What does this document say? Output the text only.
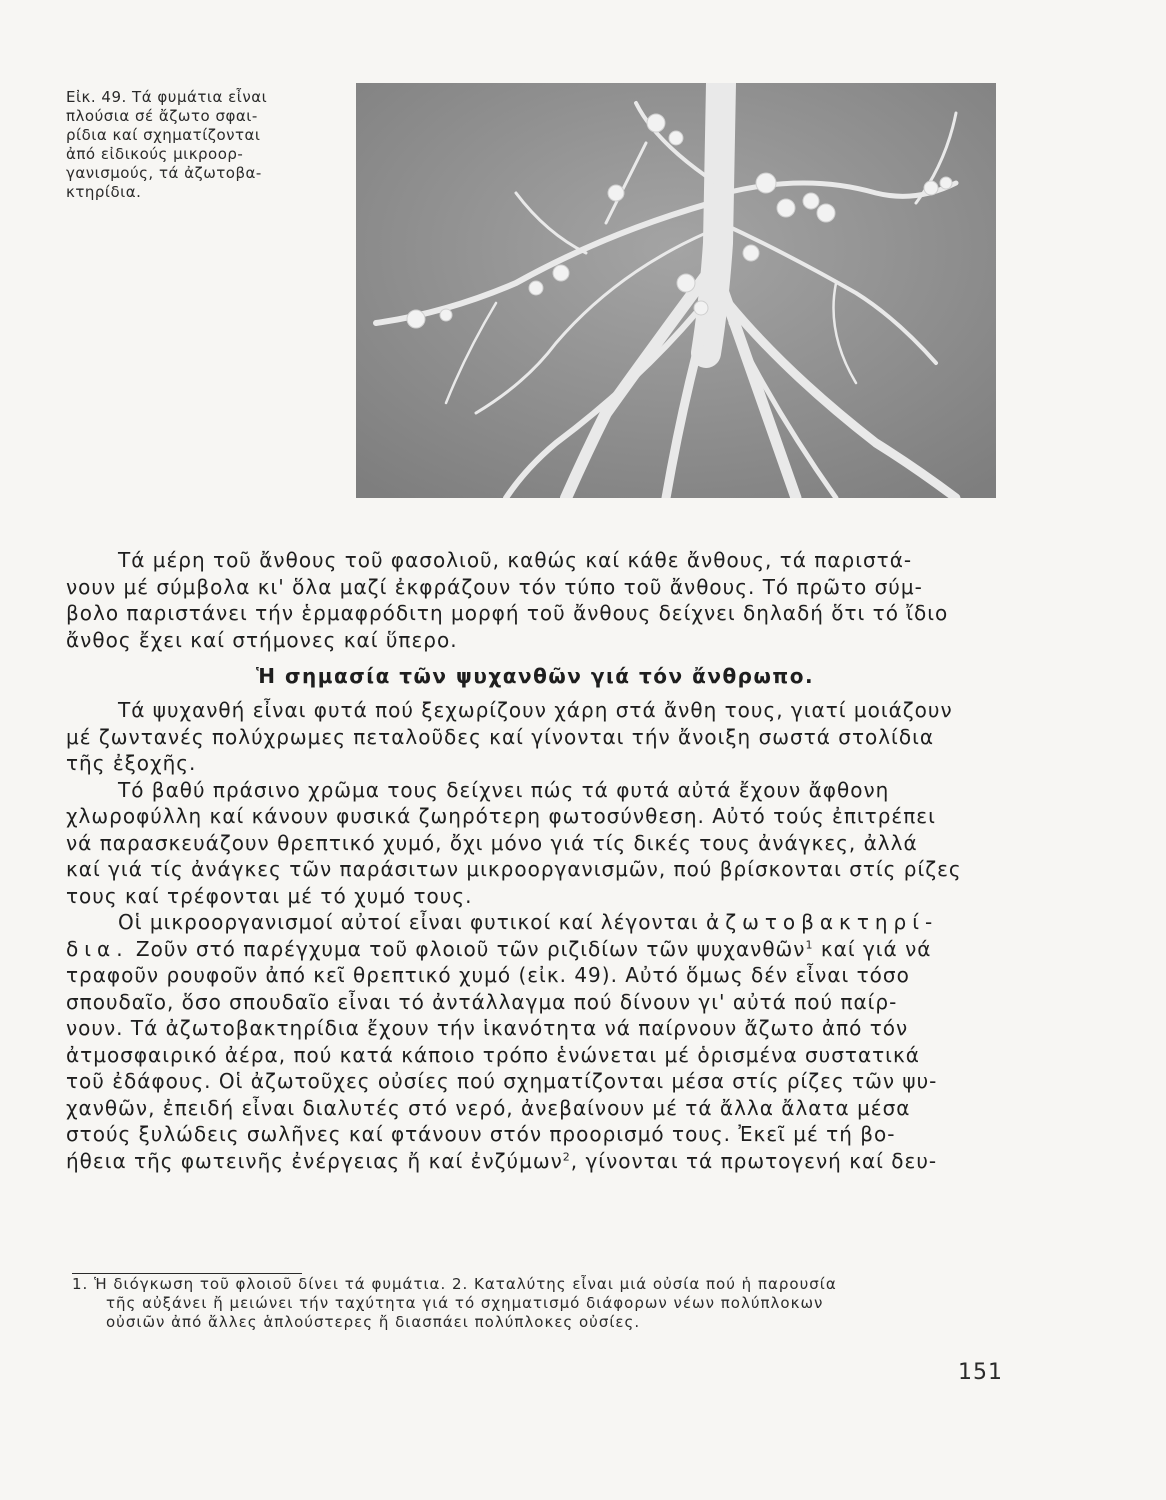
Εἰκ. 49. Τά φυμάτια εἶναι
πλούσια σέ ἄζωτο σφαι-
ρίδια καί σχηματίζονται
ἀπό εἰδικούς μικροορ-
γανισμούς, τά ἀζωτοβα-
κτηρίδια.
Τά μέρη τοῦ ἄνθους τοῦ φασολιοῦ, καθώς καί κάθε ἄνθους, τά παριστά-
νουν μέ σύμβολα κι' ὅλα μαζί ἐκφράζουν τόν τύπο τοῦ ἄνθους. Τό πρῶτο σύμ-
βολο παριστάνει τήν ἑρμαφρόδιτη μορφή τοῦ ἄνθους δείχνει δηλαδή ὅτι τό ἴδιο
ἄνθος ἔχει καί στήμονες καί ὕπερο.
Ἡ σημασία τῶν ψυχανθῶν γιά τόν ἄνθρωπο.
Τά ψυχανθή εἶναι φυτά πού ξεχωρίζουν χάρη στά ἄνθη τους, γιατί μοιάζουν
μέ ζωντανές πολύχρωμες πεταλοῦδες καί γίνονται τήν ἄνοιξη σωστά στολίδια
τῆς ἐξοχῆς.
Τό βαθύ πράσινο χρῶμα τους δείχνει πώς τά φυτά αὐτά ἔχουν ἄφθονη
χλωροφύλλη καί κάνουν φυσικά ζωηρότερη φωτοσύνθεση. Αὐτό τούς ἐπιτρέπει
νά παρασκευάζουν θρεπτικό χυμό, ὄχι μόνο γιά τίς δικές τους ἀνάγκες, ἀλλά
καί γιά τίς ἀνάγκες τῶν παράσιτων μικροοργανισμῶν, πού βρίσκονται στίς ρίζες
τους καί τρέφονται μέ τό χυμό τους.
Οἱ μικροοργανισμοί αὐτοί εἶναι φυτικοί καί λέγονται ἀζωτοβακτηρί-
δια. Ζοῦν στό παρέγχυμα τοῦ φλοιοῦ τῶν ριζιδίων τῶν ψυχανθῶν$^1$ καί γιά νά
τραφοῦν ρουφοῦν ἀπό κεῖ θρεπτικό χυμό (εἰκ. 49). Αὐτό ὅμως δέν εἶναι τόσο
σπουδαῖο, ὅσο σπουδαῖο εἶναι τό ἀντάλλαγμα πού δίνουν γι' αὐτά πού παίρ-
νουν. Τά ἀζωτοβακτηρίδια ἔχουν τήν ἱκανότητα νά παίρνουν ἄζωτο ἀπό τόν
ἀτμοσφαιρικό ἀέρα, πού κατά κάποιο τρόπο ἑνώνεται μέ ὁρισμένα συστατικά
τοῦ ἐδάφους. Οἱ ἀζωτοῦχες οὐσίες πού σχηματίζονται μέσα στίς ρίζες τῶν ψυ-
χανθῶν, ἐπειδή εἶναι διαλυτές στό νερό, ἀνεβαίνουν μέ τά ἄλλα ἄλατα μέσα
στούς ξυλώδεις σωλῆνες καί φτάνουν στόν προορισμό τους. Ἐκεῖ μέ τή βο-
ήθεια τῆς φωτεινῆς ἐνέργειας ἤ καί ἐνζύμων$^2$, γίνονται τά πρωτογενή καί δευ-
1. Ἡ διόγκωση τοῦ φλοιοῦ δίνει τά φυμάτια. 2. Καταλύτης εἶναι μιά οὐσία πού ἡ παρουσία
τῆς αὐξάνει ἤ μειώνει τήν ταχύτητα γιά τό σχηματισμό διάφορων νέων πολύπλοκων
οὐσιῶν ἀπό ἄλλες ἁπλούστερες ἤ διασπάει πολύπλοκες οὐσίες.
151
